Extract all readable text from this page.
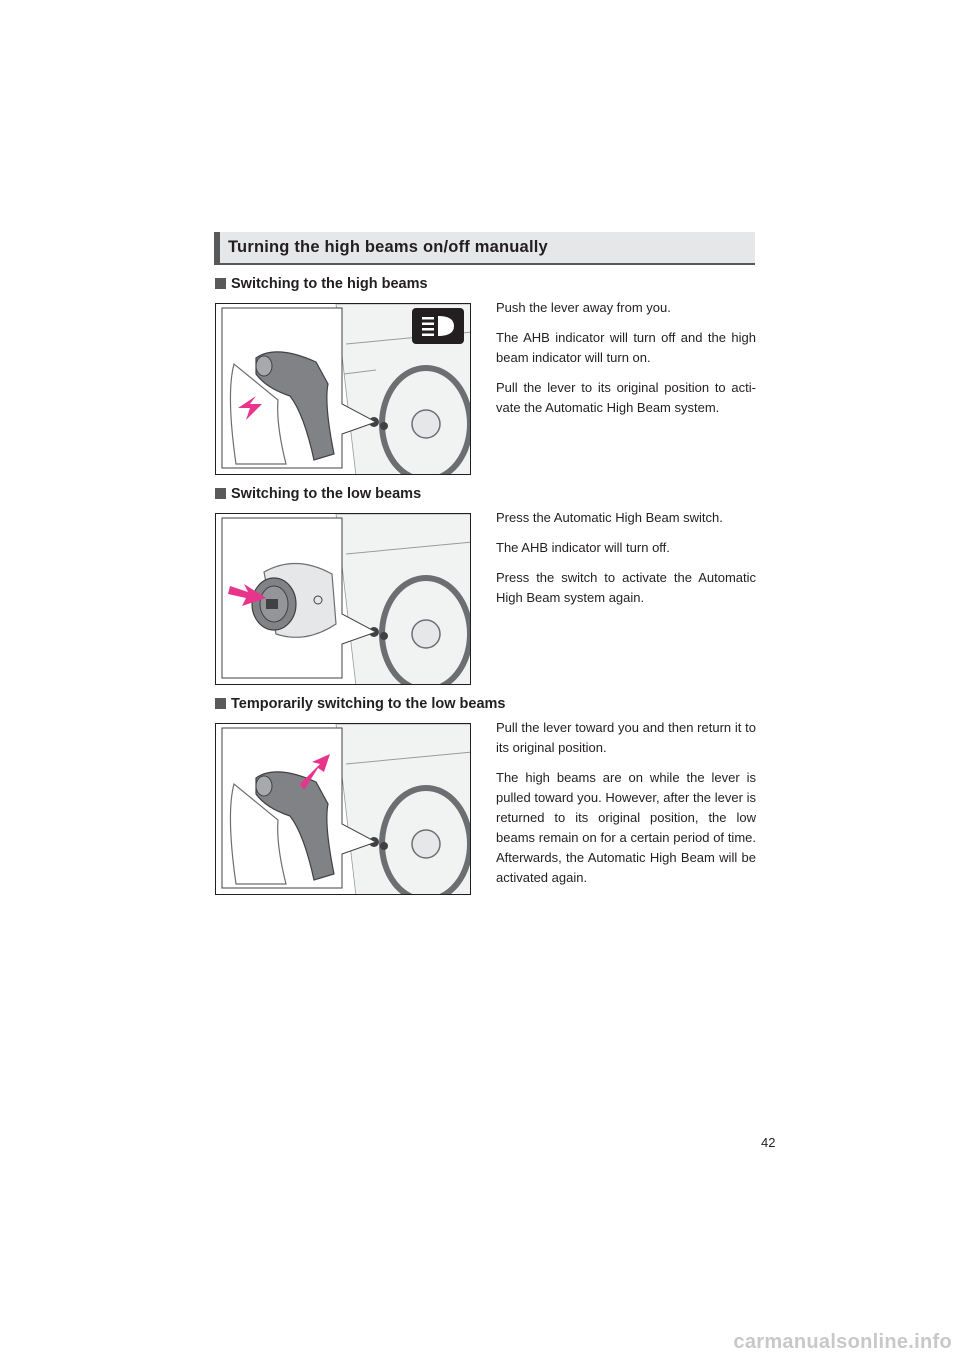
Turning the high beams on/off manually
Switching to the high beams

Push the lever away from you.

The AHB indicator will turn off and the high beam indicator will turn on.

Pull the lever to its original position to acti-vate the Automatic High Beam system.

Switching to the low beams

Press the Automatic High Beam switch.

The AHB indicator will turn off.

Press the switch to activate the Automatic High Beam system again.

Temporarily switching to the low beams

Pull the lever toward you and then return it to its original position.

The high beams are on while the lever is pulled toward you. However, after the lever is returned to its original position, the low beams remain on for a certain period of time. Afterwards, the Automatic High Beam will be activated again.

42
carmanualsonline.info
